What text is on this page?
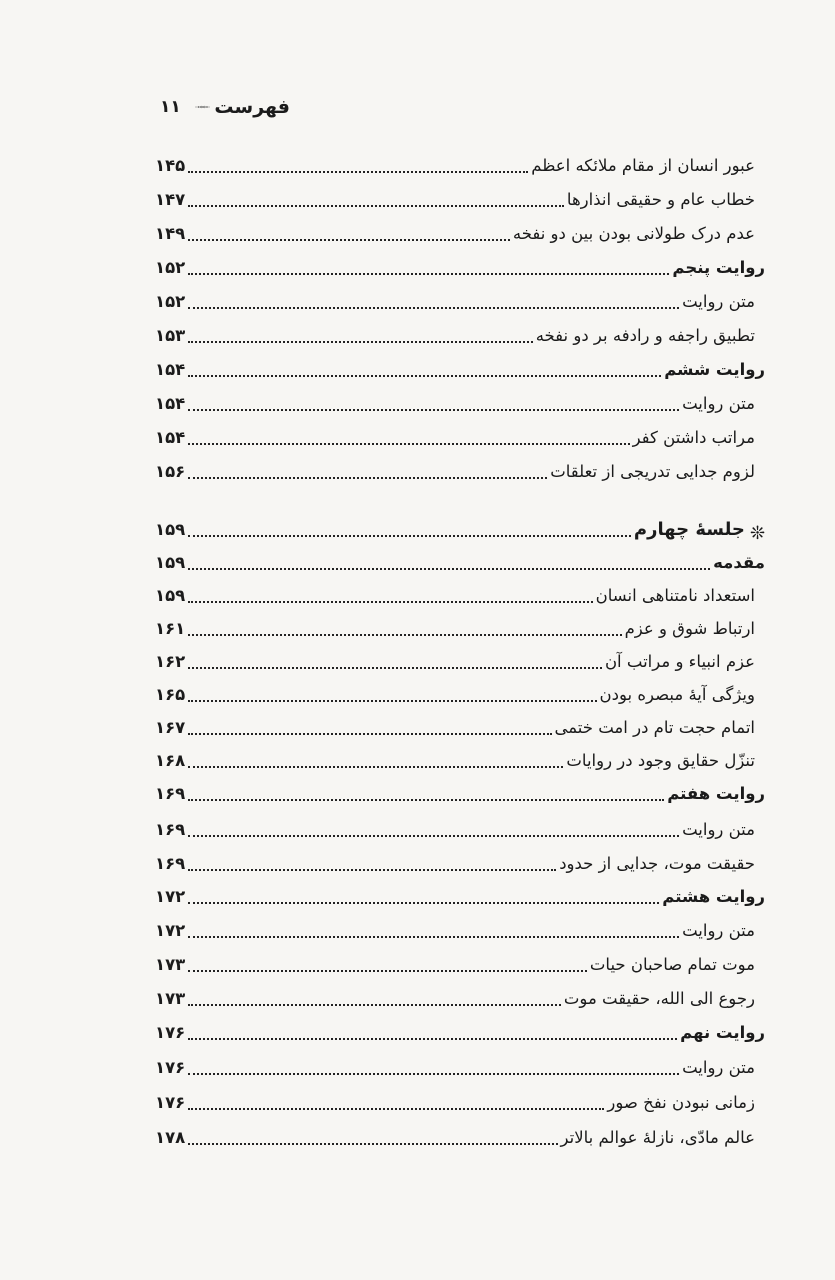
۱۱ فهرست
عبور انسان از مقام ملائکه اعظم
۱۴۵
خطاب عام و حقیقی انذارها
۱۴۷
عدم درک طولانی بودن بین دو نفخه
۱۴۹
روایت پنجم
۱۵۲
متن روایت
۱۵۲
تطبیق راجفه و رادفه بر دو نفخه
۱۵۳
روایت ششم
۱۵۴
متن روایت
۱۵۴
مراتب داشتن کفر
۱۵۴
لزوم جدایی تدریجی از تعلقات
۱۵۶
❊
جلسهٔ چهارم
۱۵۹
مقدمه
۱۵۹
استعداد نامتناهی انسان
۱۵۹
ارتباط شوق و عزم
۱۶۱
عزم انبیاء و مراتب آن
۱۶۲
ویژگی آیهٔ مبصره بودن
۱۶۵
اتمام حجت تام در امت ختمی
۱۶۷
تنزّل حقایق وجود در روایات
۱۶۸
روایت هفتم
۱۶۹
متن روایت
۱۶۹
حقیقت موت، جدایی از حدود
۱۶۹
روایت هشتم
۱۷۲
متن روایت
۱۷۲
موت تمام صاحبان حیات
۱۷۳
رجوع الی الله، حقیقت موت
۱۷۳
روایت نهم
۱۷۶
متن روایت
۱۷۶
زمانی نبودن نفخ صور
۱۷۶
عالم مادّی، نازلهٔ عوالم بالاتر
۱۷۸
